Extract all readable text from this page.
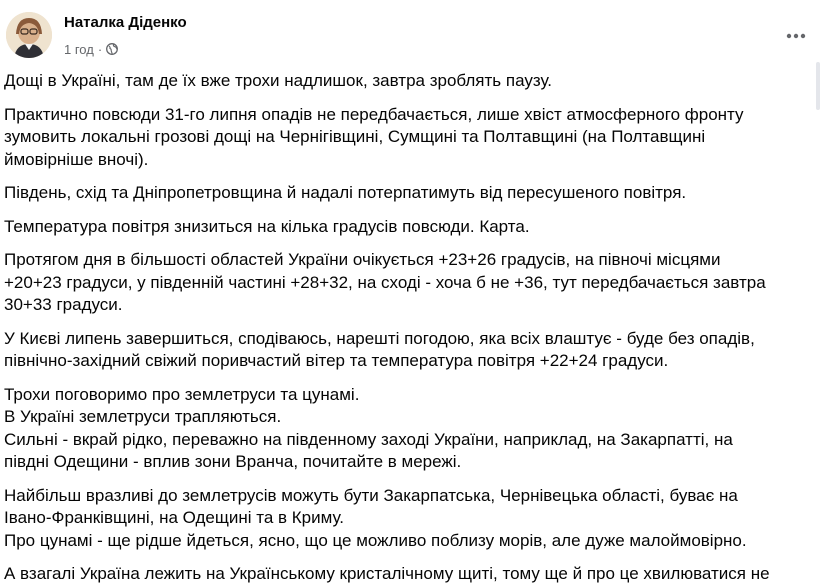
Наталка Діденко
1 год ·

Дощі в Україні, там де їх вже трохи надлишок, завтра зроблять паузу.

Практично повсюди 31-го липня опадів не передбачається, лише хвіст атмосферного фронту
зумовить локальні грозові дощі на Чернігівщині, Сумщині та Полтавщині (на Полтавщині
ймовірніше вночі).

Південь, схід та Дніпропетровщина й надалі потерпатимуть від пересушеного повітря.

Температура повітря знизиться на кілька градусів повсюди. Карта.

Протягом дня в більшості областей України очікується +23+26 градусів, на півночі місцями
+20+23 градуси, у південній частині +28+32, на сході - хоча б не +36, тут передбачається завтра
30+33 градуси.

У Києві липень завершиться, сподіваюсь, нарешті погодою, яка всіх влаштує - буде без опадів,
північно-західний свіжий поривчастий вітер та температура повітря +22+24 градуси.

Трохи поговоримо про землетруси та цунамі.
В Україні землетруси трапляються.
Сильні - вкрай рідко, переважно на південному заході України, наприклад, на Закарпатті, на
півдні Одещини - вплив зони Вранча, почитайте в мережі.

Найбільш вразливі до землетрусів можуть бути Закарпатська, Чернівецька області, буває на
Івано-Франківщині, на Одещині та в Криму.
Про цунамі - ще рідше йдеться, ясно, що це можливо поблизу морів, але дуже малоймовірно.

А взагалі Україна лежить на Українському кристалічному щиті, тому ще й про це хвилюватися не
